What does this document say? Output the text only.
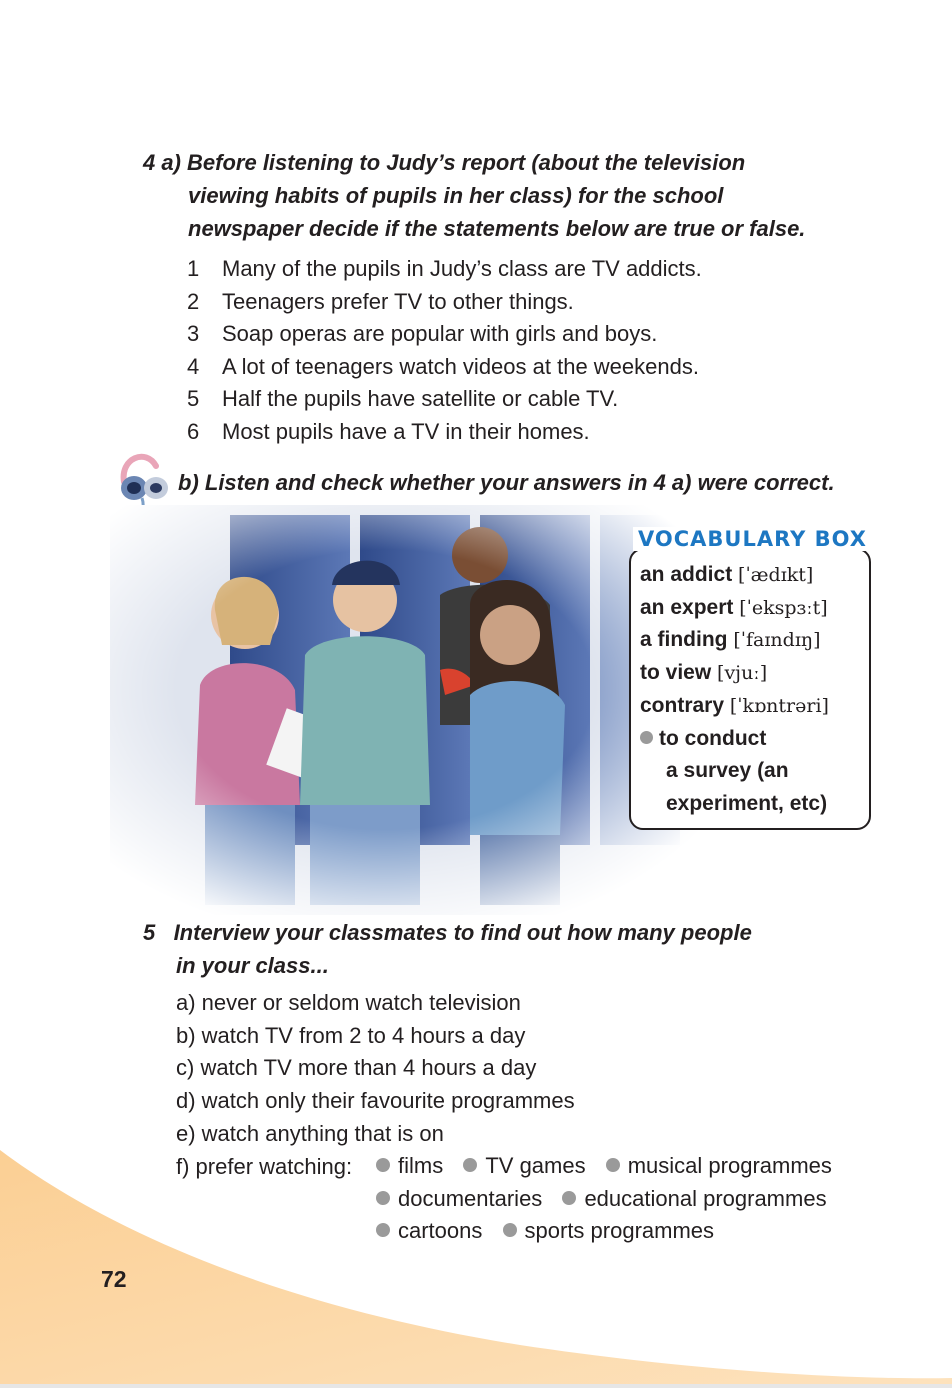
4 a) Before listening to Judy’s report (about the television

viewing habits of pupils in her class) for the school

newspaper decide if the statements below are true or false.

1	Many of the pupils in Judy’s class are TV addicts.
2	Teenagers prefer TV to other things.
3	Soap operas are popular with girls and boys.
4	A lot of teenagers watch videos at the weekends.
5	Half the pupils have satellite or cable TV.
6	Most pupils have a TV in their homes.
b) Listen and check whether your answers in 4 a) were correct.
VOCABULARY BOX
an addict [ˈædɪkt]
an expert [ˈekspɜːt]
a finding [ˈfaɪndɪŋ]
to view [vjuː]
contrary [ˈkɒntrəri]
to conduct
a survey (an
experiment, etc)

5   Interview your classmates to find out how many people

in your class...

a) never or seldom watch television
b) watch TV from 2 to 4 hours a day
c) watch TV more than 4 hours a day
d) watch only their favourite programmes
e) watch anything that is on
f) prefer watching:	films TV games musical programmes
documentaries educational programmes
cartoons sports programmes
72
